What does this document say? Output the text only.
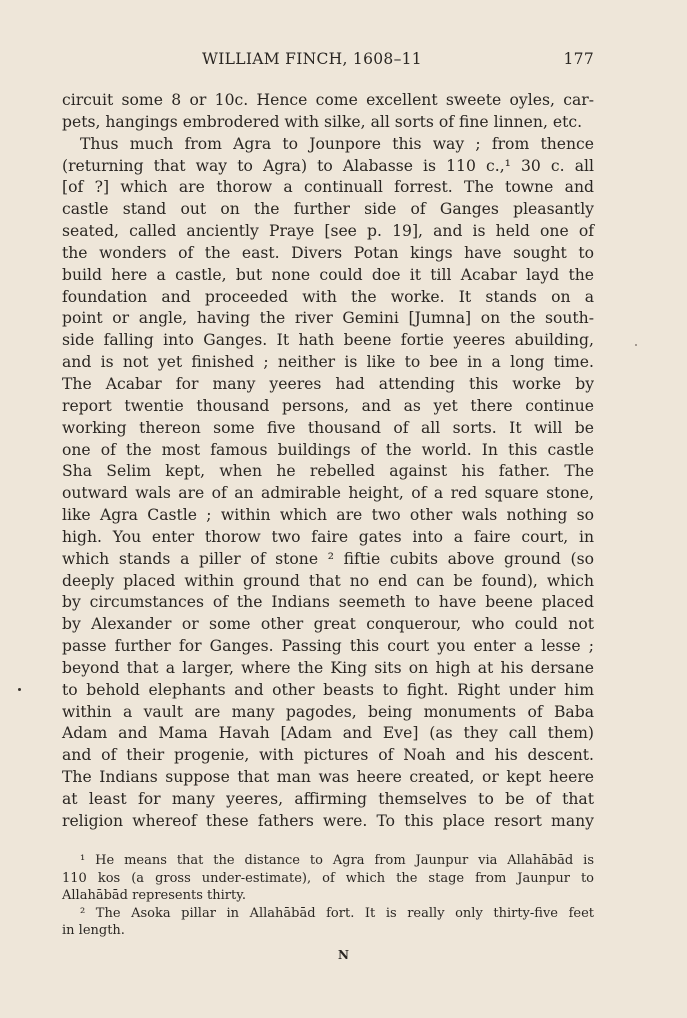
WILLIAM FINCH, 1608–11	177
circuit some 8 or 10c. Hence come excellent sweete oyles, car-
pets, hangings embrodered with silke, all sorts of fine linnen, etc.
Thus much from Agra to Jounpore this way ; from thence
(returning that way to Agra) to Alabasse is 110 c.,¹ 30 c. all
[of ?] which are thorow a continuall forrest. The towne and
castle stand out on the further side of Ganges pleasantly
seated, called anciently Praye [see p. 19], and is held one of
the wonders of the east. Divers Potan kings have sought to
build here a castle, but none could doe it till Acabar layd the
foundation and proceeded with the worke. It stands on a
point or angle, having the river Gemini [Jumna] on the south-
side falling into Ganges. It hath beene fortie yeeres abuilding,
and is not yet finished ; neither is like to bee in a long time.
The Acabar for many yeeres had attending this worke by
report twentie thousand persons, and as yet there continue
working thereon some five thousand of all sorts. It will be
one of the most famous buildings of the world. In this castle
Sha Selim kept, when he rebelled against his father. The
outward wals are of an admirable height, of a red square stone,
like Agra Castle ; within which are two other wals nothing so
high. You enter thorow two faire gates into a faire court, in
which stands a piller of stone ² fiftie cubits above ground (so
deeply placed within ground that no end can be found), which
by circumstances of the Indians seemeth to have beene placed
by Alexander or some other great conquerour, who could not
passe further for Ganges. Passing this court you enter a lesse ;
beyond that a larger, where the King sits on high at his dersane
to behold elephants and other beasts to fight. Right under him
within a vault are many pagodes, being monuments of Baba
Adam and Mama Havah [Adam and Eve] (as they call them)
and of their progenie, with pictures of Noah and his descent.
The Indians suppose that man was heere created, or kept heere
at least for many yeeres, affirming themselves to be of that
religion whereof these fathers were. To this place resort many
¹ He means that the distance to Agra from Jaunpur via Allahābād is
110 kos (a gross under-estimate), of which the stage from Jaunpur to
Allahābād represents thirty.
² The Asoka pillar in Allahābād fort. It is really only thirty-five feet
in length.
N
